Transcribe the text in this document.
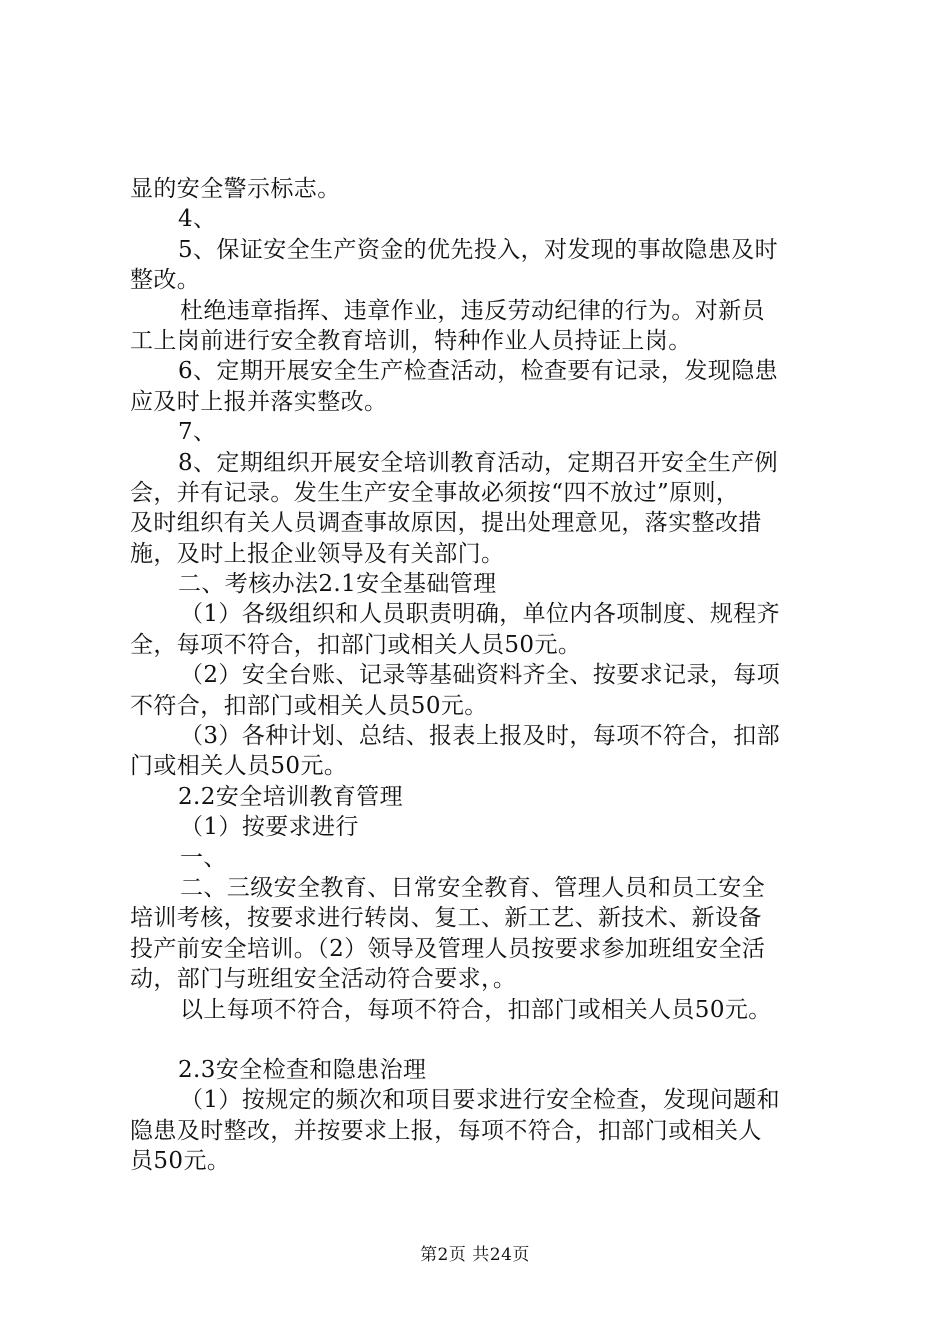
显的安全警示标志。
4、
5、保证安全生产资金的优先投入，对发现的事故隐患及时
整改。
杜绝违章指挥、违章作业，违反劳动纪律的行为。对新员
工上岗前进行安全教育培训，特种作业人员持证上岗。
6、定期开展安全生产检查活动，检查要有记录，发现隐患
应及时上报并落实整改。
7、
8、定期组织开展安全培训教育活动，定期召开安全生产例
会，并有记录。发生生产安全事故必须按“四不放过”原则，
及时组织有关人员调查事故原因，提出处理意见，落实整改措
施，及时上报企业领导及有关部门。
二、考核办法2.1安全基础管理
（1）各级组织和人员职责明确，单位内各项制度、规程齐
全，每项不符合，扣部门或相关人员50元。
（2）安全台账、记录等基础资料齐全、按要求记录，每项
不符合，扣部门或相关人员50元。
（3）各种计划、总结、报表上报及时，每项不符合，扣部
门或相关人员50元。
2.2安全培训教育管理
（1）按要求进行
一、
二、三级安全教育、日常安全教育、管理人员和员工安全
培训考核，按要求进行转岗、复工、新工艺、新技术、新设备
投产前安全培训。（2）领导及管理人员按要求参加班组安全活
动，部门与班组安全活动符合要求，。
以上每项不符合，每项不符合，扣部门或相关人员50元。
2.3安全检查和隐患治理
（1）按规定的频次和项目要求进行安全检查，发现问题和
隐患及时整改，并按要求上报，每项不符合，扣部门或相关人
员50元。
第2页 共24页
